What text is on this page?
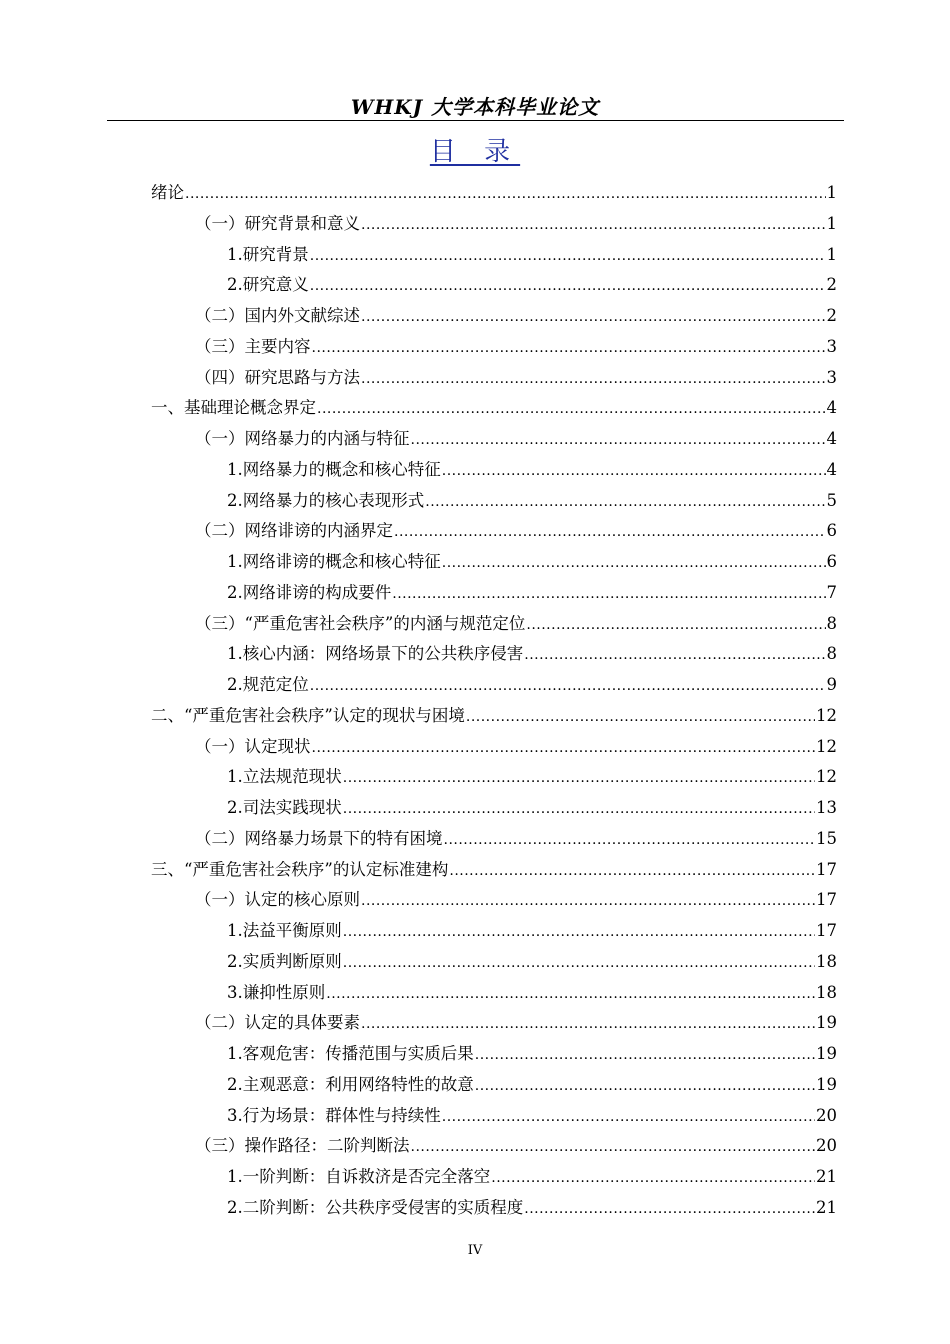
WHKJ 大学本科毕业论文
目 录
绪论 .....	1
（一）研究背景和意义 .....	1
1.研究背景 .....	1
2.研究意义 .....	2
（二）国内外文献综述 .....	2
（三）主要内容 .....	3
（四）研究思路与方法 .....	3
一、基础理论概念界定 .....	4
（一）网络暴力的内涵与特征 .....	4
1.网络暴力的概念和核心特征 .....	4
2.网络暴力的核心表现形式 .....	5
（二）网络诽谤的内涵界定 .....	6
1.网络诽谤的概念和核心特征 .....	6
2.网络诽谤的构成要件 .....	7
（三）“严重危害社会秩序”的内涵与规范定位 .....	8
1.核心内涵：网络场景下的公共秩序侵害 .....	8
2.规范定位 .....	9
二、“严重危害社会秩序”认定的现状与困境 .....	12
（一）认定现状 .....	12
1.立法规范现状 .....	12
2.司法实践现状 .....	13
（二）网络暴力场景下的特有困境 .....	15
三、“严重危害社会秩序”的认定标准建构 .....	17
（一）认定的核心原则 .....	17
1.法益平衡原则 .....	17
2.实质判断原则 .....	18
3.谦抑性原则 .....	18
（二）认定的具体要素 .....	19
1.客观危害：传播范围与实质后果 .....	19
2.主观恶意：利用网络特性的故意 .....	19
3.行为场景：群体性与持续性 .....	20
（三）操作路径：二阶判断法 .....	20
1.一阶判断：自诉救济是否完全落空 .....	21
2.二阶判断：公共秩序受侵害的实质程度 .....	21
IV
